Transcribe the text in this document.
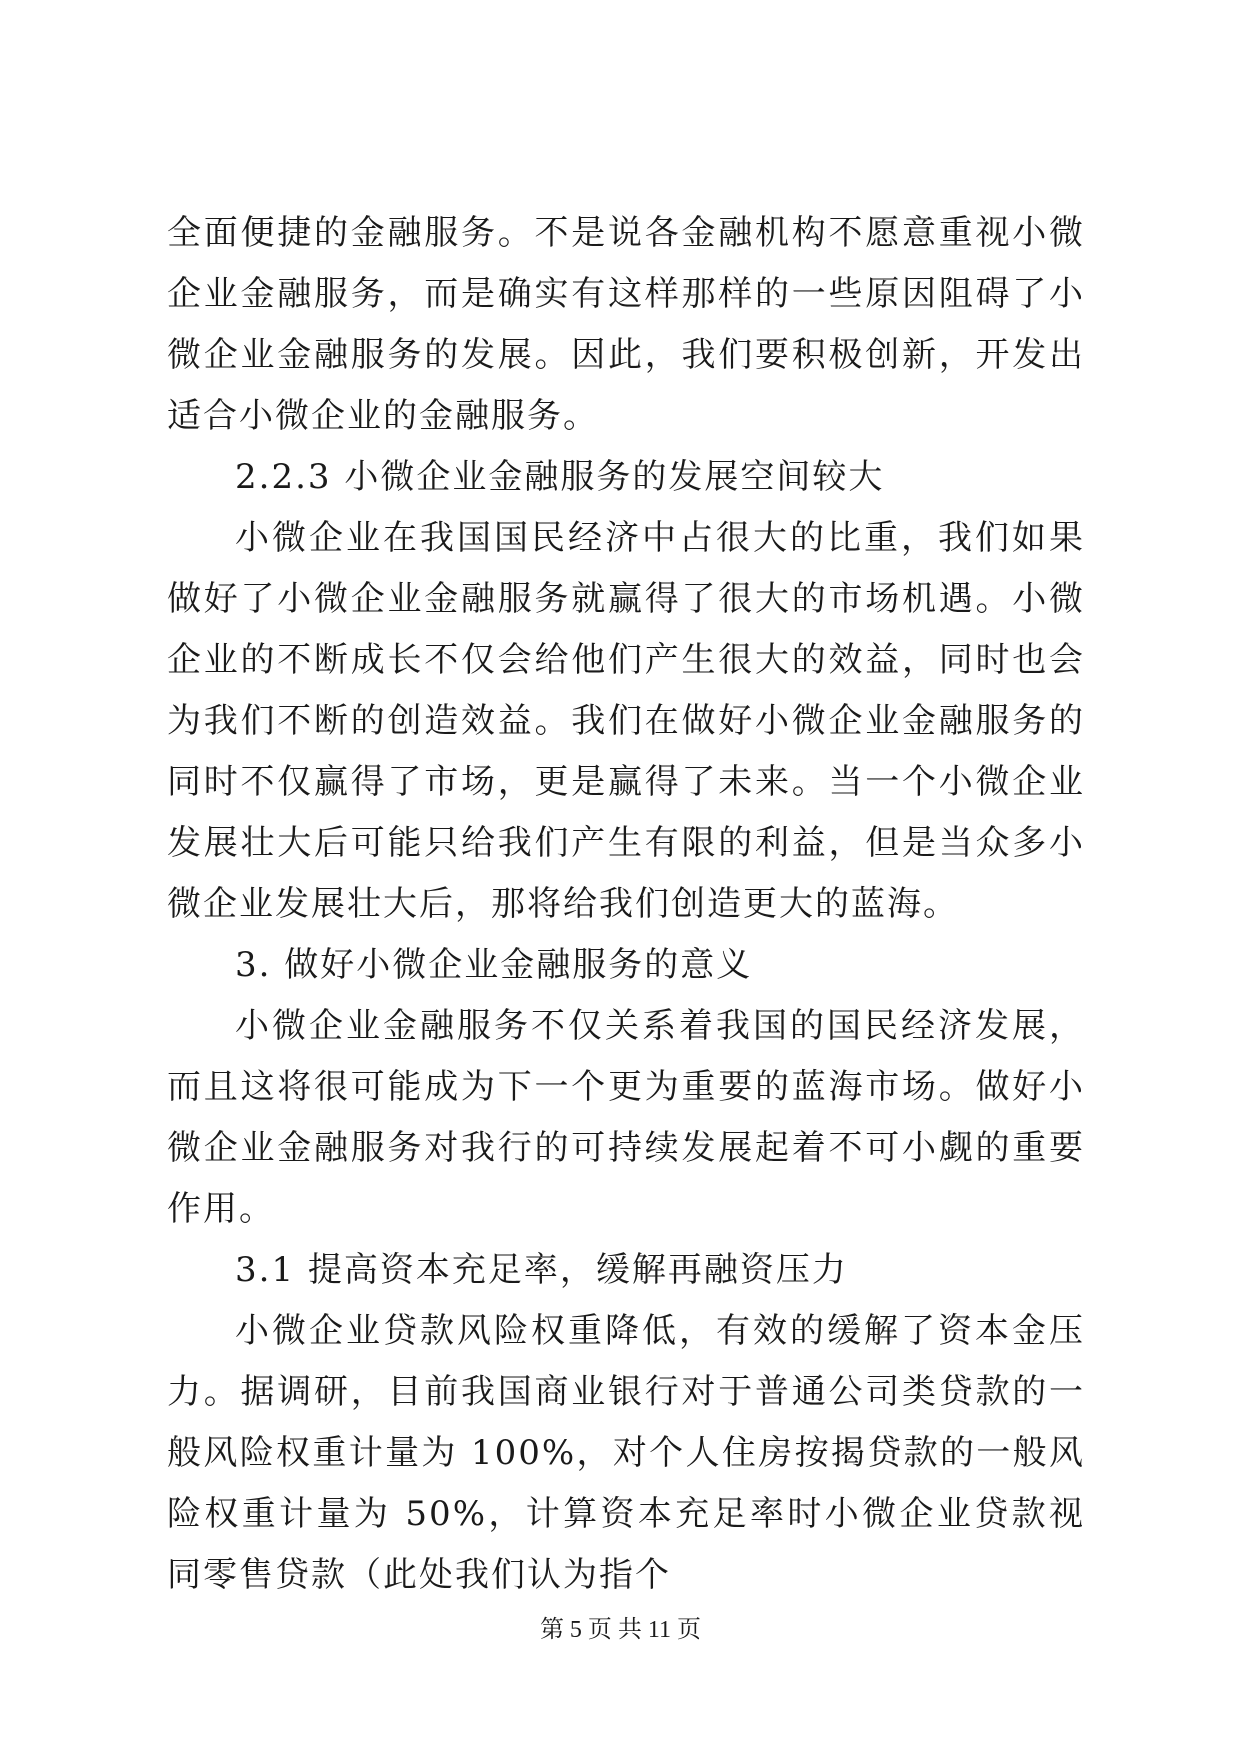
全面便捷的金融服务。不是说各金融机构不愿意重视小微企业金融服务，而是确实有这样那样的一些原因阻碍了小微企业金融服务的发展。因此，我们要积极创新，开发出适合小微企业的金融服务。

2.2.3 小微企业金融服务的发展空间较大

小微企业在我国国民经济中占很大的比重，我们如果做好了小微企业金融服务就赢得了很大的市场机遇。小微企业的不断成长不仅会给他们产生很大的效益，同时也会为我们不断的创造效益。我们在做好小微企业金融服务的同时不仅赢得了市场，更是赢得了未来。当一个小微企业发展壮大后可能只给我们产生有限的利益，但是当众多小微企业发展壮大后，那将给我们创造更大的蓝海。

3. 做好小微企业金融服务的意义

小微企业金融服务不仅关系着我国的国民经济发展，而且这将很可能成为下一个更为重要的蓝海市场。做好小微企业金融服务对我行的可持续发展起着不可小觑的重要作用。

3.1 提高资本充足率，缓解再融资压力

小微企业贷款风险权重降低，有效的缓解了资本金压力。据调研，目前我国商业银行对于普通公司类贷款的一般风险权重计量为 100%，对个人住房按揭贷款的一般风险权重计量为 50%，计算资本充足率时小微企业贷款视同零售贷款（此处我们认为指个

第 5 页 共 11 页
